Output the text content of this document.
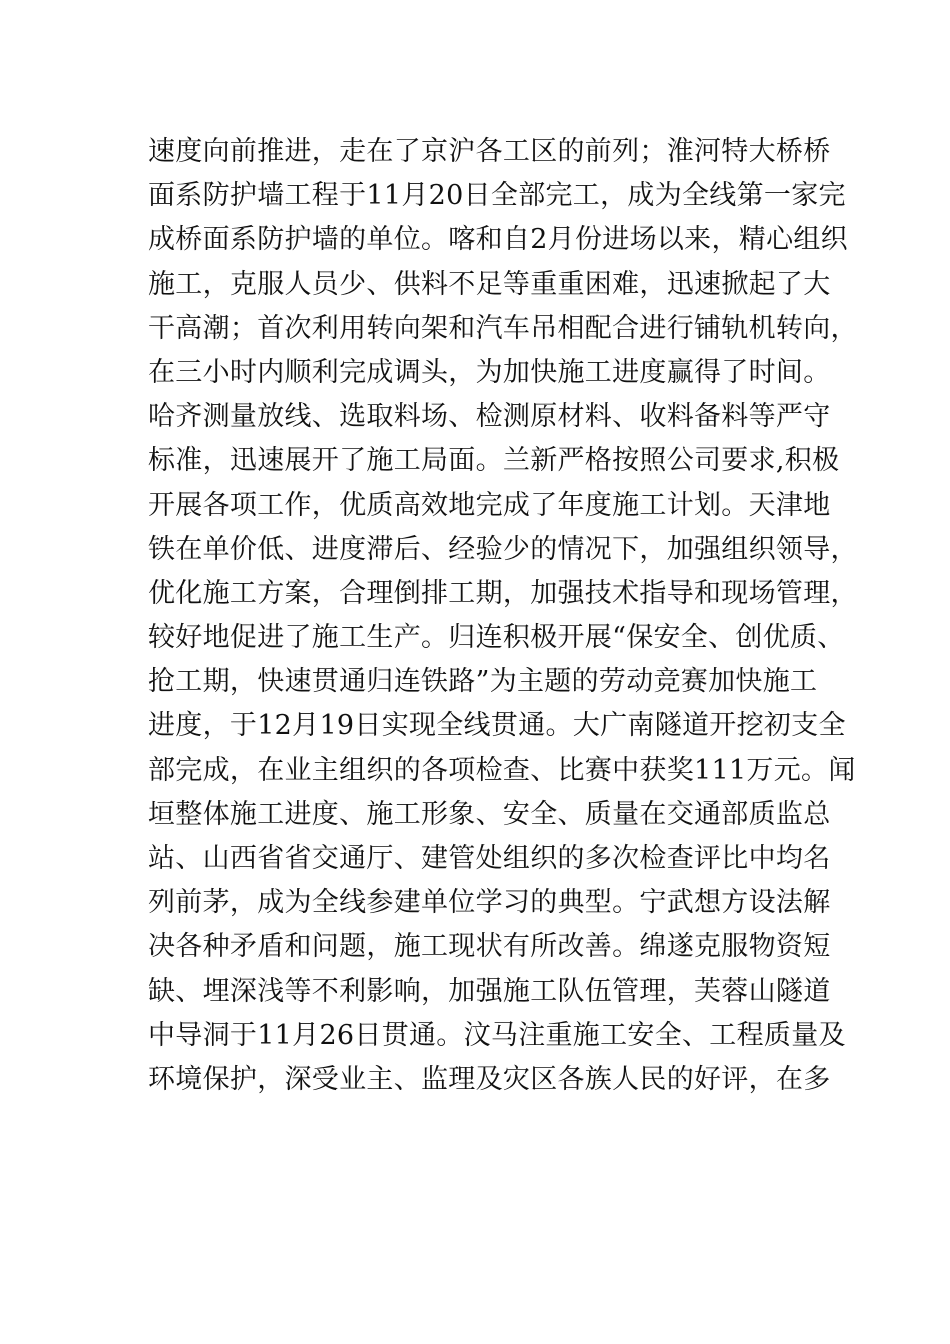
速度向前推进，走在了京沪各工区的前列；淮河特大桥桥
面系防护墙工程于11月20日全部完工，成为全线第一家完
成桥面系防护墙的单位。喀和自2月份进场以来，精心组织
施工，克服人员少、供料不足等重重困难，迅速掀起了大
干高潮；首次利用转向架和汽车吊相配合进行铺轨机转向，
在三小时内顺利完成调头，为加快施工进度赢得了时间。
哈齐测量放线、选取料场、检测原材料、收料备料等严守
标准，迅速展开了施工局面。兰新严格按照公司要求,积极
开展各项工作，优质高效地完成了年度施工计划。天津地
铁在单价低、进度滞后、经验少的情况下，加强组织领导，
优化施工方案，合理倒排工期，加强技术指导和现场管理，
较好地促进了施工生产。归连积极开展“保安全、创优质、
抢工期，快速贯通归连铁路”为主题的劳动竞赛加快施工
进度，于12月19日实现全线贯通。大广南隧道开挖初支全
部完成，在业主组织的各项检查、比赛中获奖111万元。闻
垣整体施工进度、施工形象、安全、质量在交通部质监总
站、山西省省交通厅、建管处组织的多次检查评比中均名
列前茅，成为全线参建单位学习的典型。宁武想方设法解
决各种矛盾和问题，施工现状有所改善。绵遂克服物资短
缺、埋深浅等不利影响，加强施工队伍管理，芙蓉山隧道
中导洞于11月26日贯通。汶马注重施工安全、工程质量及
环境保护，深受业主、监理及灾区各族人民的好评，在多
